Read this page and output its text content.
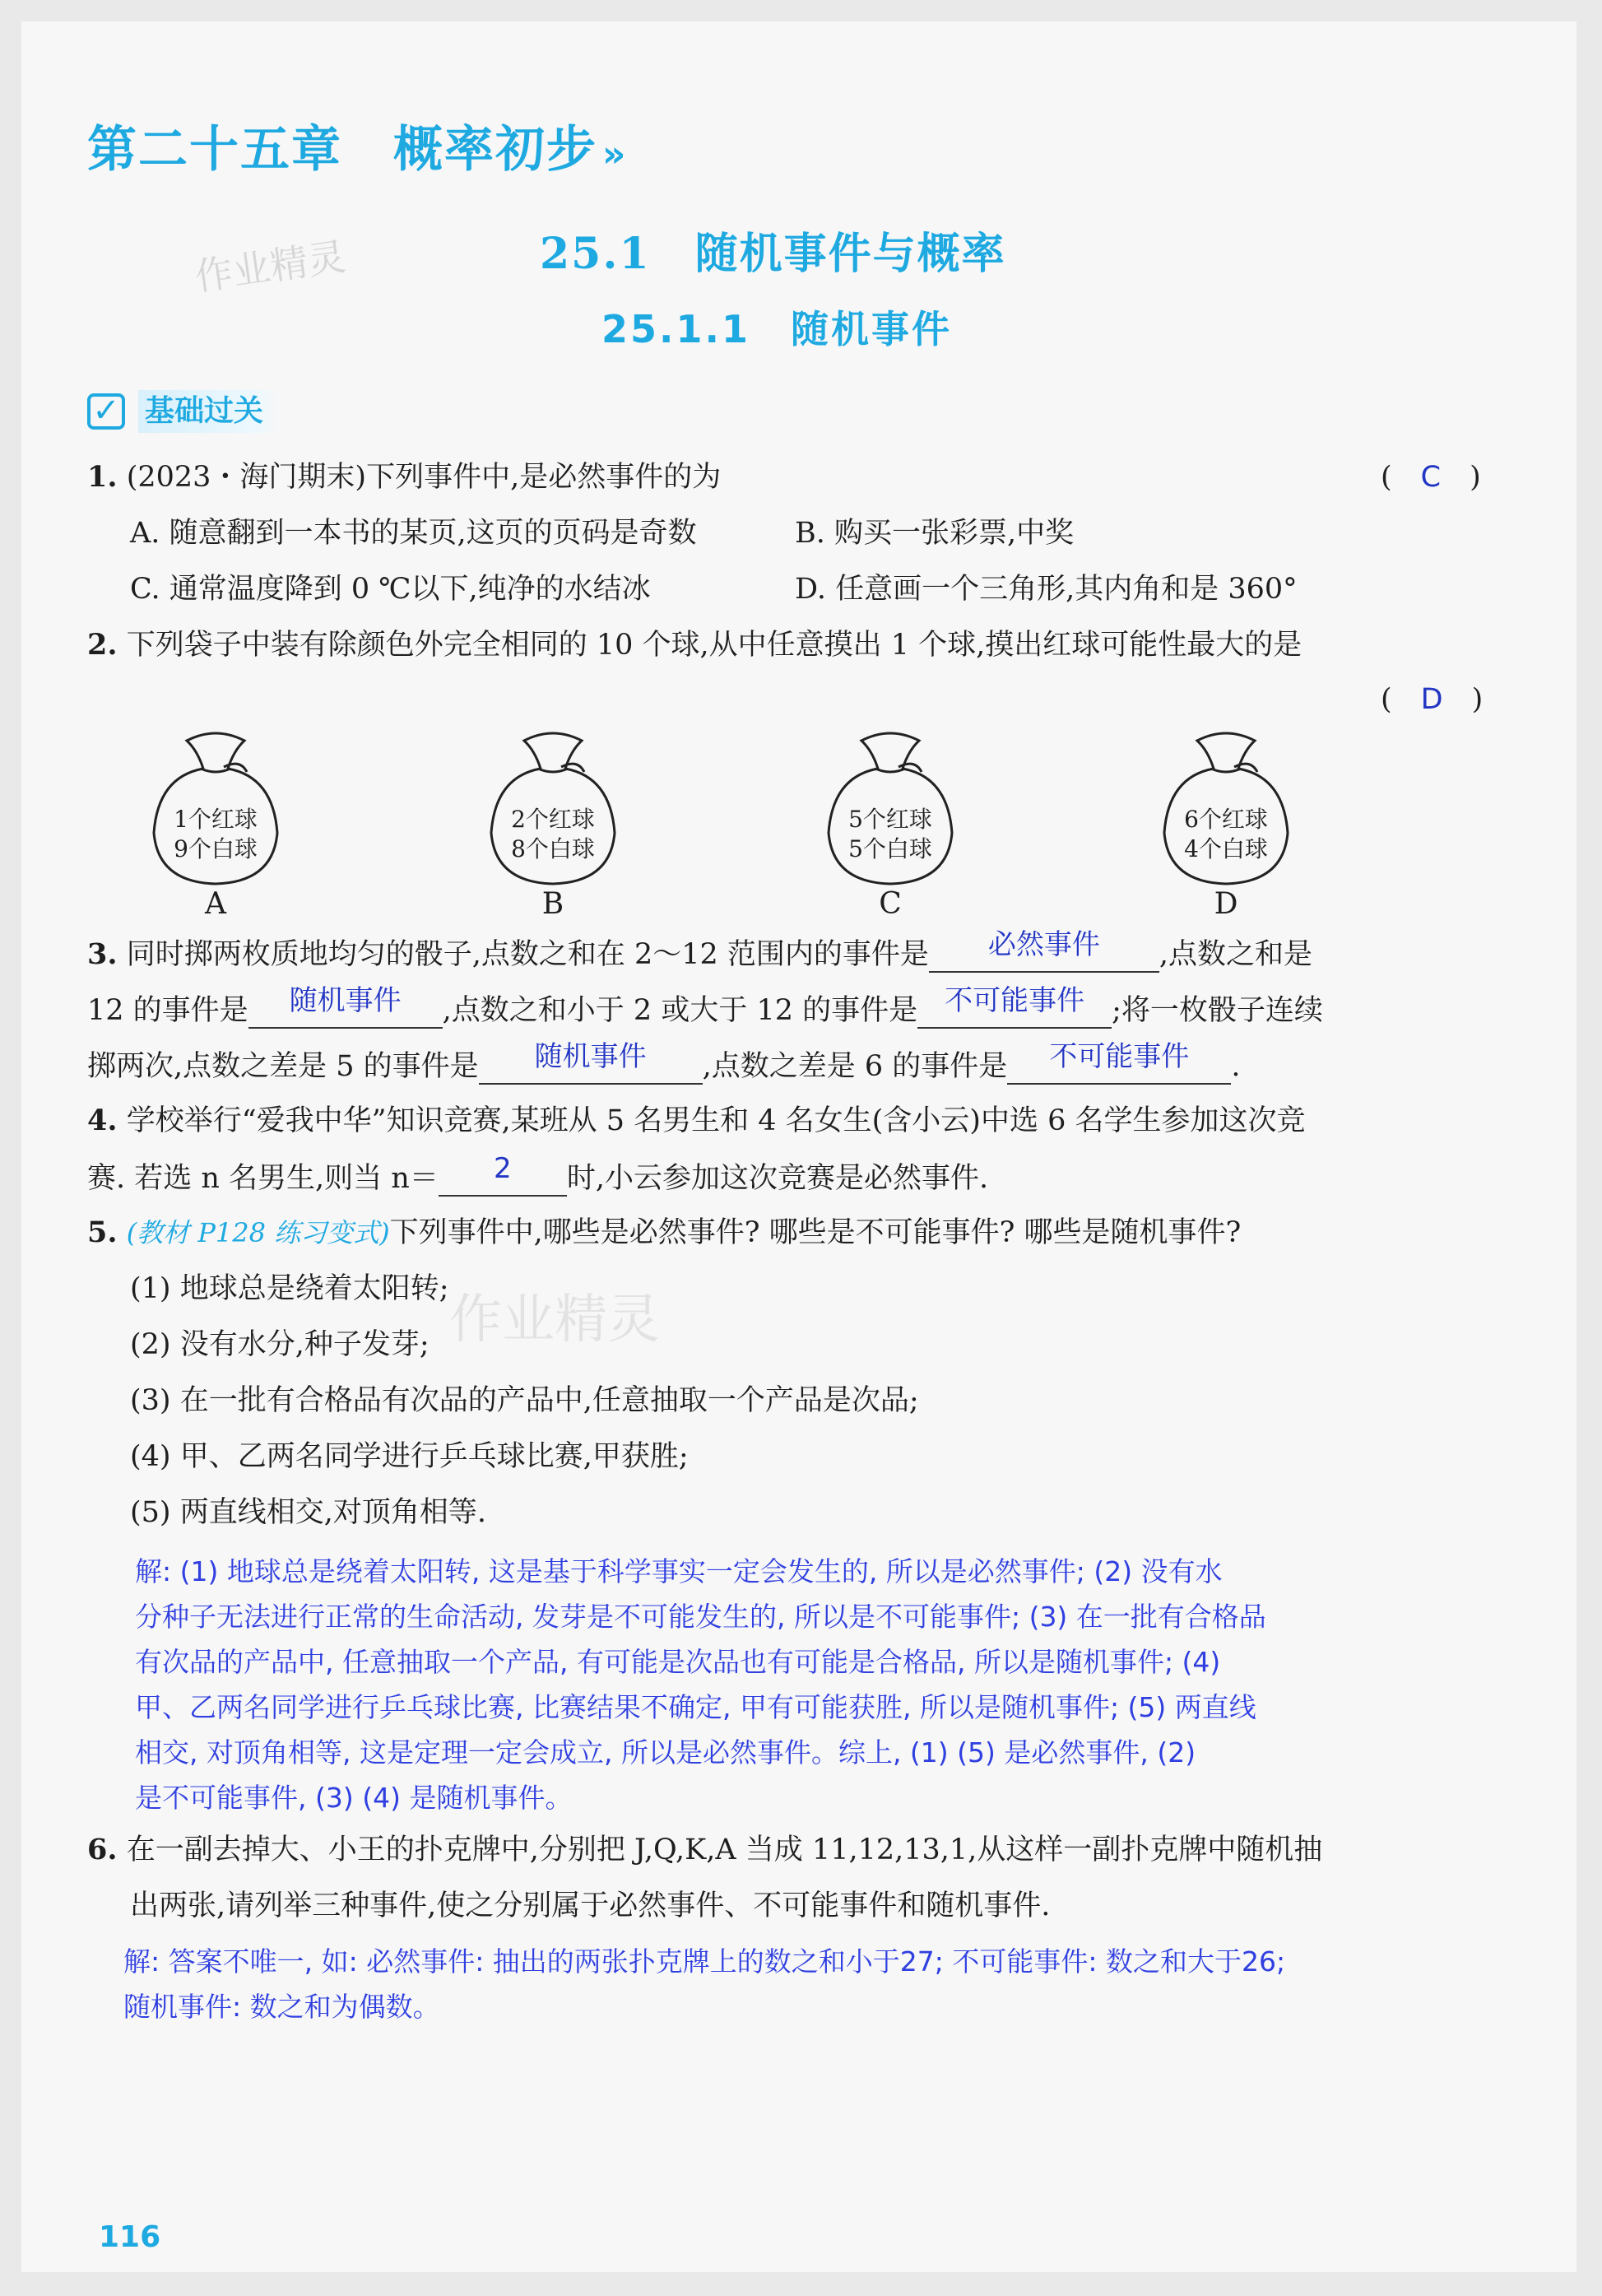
第二十五章　概率初步 »
25.1　随机事件与概率
作业精灵
25.1.1　随机事件
✓ 基础过关
1. (2023・海门期末)下列事件中,是必然事件的为	(　C　)
A. 随意翻到一本书的某页,这页的页码是奇数	B. 购买一张彩票,中奖
C. 通常温度降到 0 ℃以下,纯净的水结冰	D. 任意画一个三角形,其内角和是 360°
2. 下列袋子中装有除颜色外完全相同的 10 个球,从中任意摸出 1 个球,摸出红球可能性最大的是
(　D　)
1个红球
9个白球
A
2个红球
8个白球
B
5个红球
5个白球
C
6个红球
4个白球
D
3. 同时掷两枚质地均匀的骰子,点数之和在 2～12 范围内的事件是 必然事件 ,点数之和是
12 的事件是 随机事件 ,点数之和小于 2 或大于 12 的事件是 不可能事件 ;将一枚骰子连续
掷两次,点数之差是 5 的事件是 随机事件 ,点数之差是 6 的事件是 不可能事件 .
4. 学校举行“爱我中华”知识竞赛,某班从 5 名男生和 4 名女生(含小云)中选 6 名学生参加这次竞
赛. 若选 n 名男生,则当 n＝ 2 时,小云参加这次竞赛是必然事件.
5. (教材 P128 练习变式)下列事件中,哪些是必然事件? 哪些是不可能事件? 哪些是随机事件?
作业精灵
(1) 地球总是绕着太阳转;
(2) 没有水分,种子发芽;
(3) 在一批有合格品有次品的产品中,任意抽取一个产品是次品;
(4) 甲、乙两名同学进行乒乓球比赛,甲获胜;
(5) 两直线相交,对顶角相等.
解: (1) 地球总是绕着太阳转, 这是基于科学事实一定会发生的, 所以是必然事件; (2) 没有水
分种子无法进行正常的生命活动, 发芽是不可能发生的, 所以是不可能事件; (3) 在一批有合格品
有次品的产品中, 任意抽取一个产品, 有可能是次品也有可能是合格品, 所以是随机事件; (4)
甲、乙两名同学进行乒乓球比赛, 比赛结果不确定, 甲有可能获胜, 所以是随机事件; (5) 两直线
相交, 对顶角相等, 这是定理一定会成立, 所以是必然事件。综上, (1) (5) 是必然事件, (2)
是不可能事件, (3) (4) 是随机事件。
6. 在一副去掉大、小王的扑克牌中,分别把 J,Q,K,A 当成 11,12,13,1,从这样一副扑克牌中随机抽
出两张,请列举三种事件,使之分别属于必然事件、不可能事件和随机事件.
解: 答案不唯一, 如: 必然事件: 抽出的两张扑克牌上的数之和小于27; 不可能事件: 数之和大于26;
随机事件: 数之和为偶数。
116
